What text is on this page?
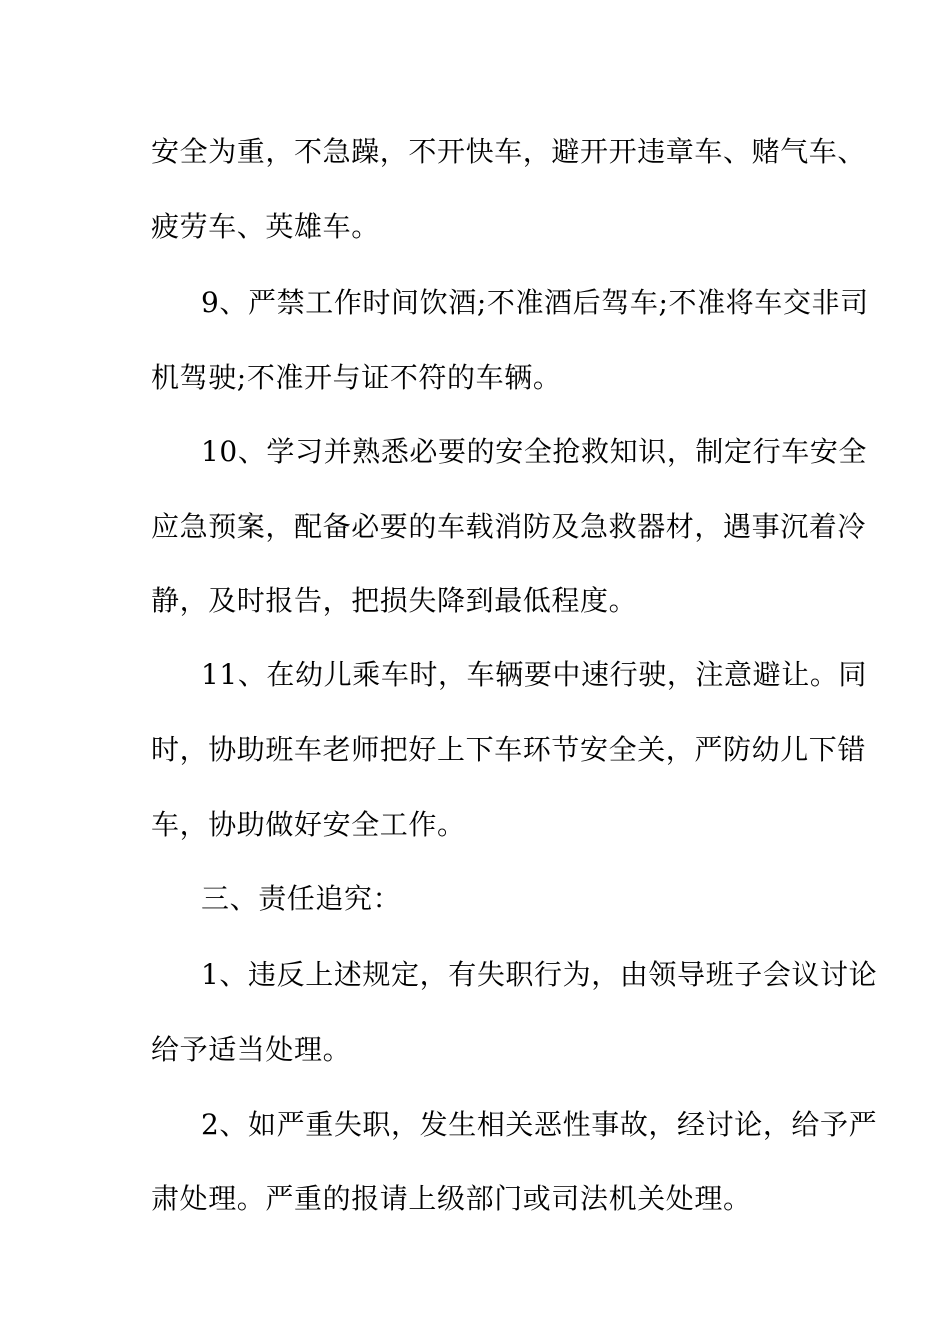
安全为重，不急躁，不开快车，避开开违章车、赌气车、
疲劳车、英雄车。
9、严禁工作时间饮酒;不准酒后驾车;不准将车交非司
机驾驶;不准开与证不符的车辆。
10、学习并熟悉必要的安全抢救知识，制定行车安全
应急预案，配备必要的车载消防及急救器材，遇事沉着冷
静，及时报告，把损失降到最低程度。
11、在幼儿乘车时，车辆要中速行驶，注意避让。同
时，协助班车老师把好上下车环节安全关，严防幼儿下错
车，协助做好安全工作。
三、责任追究：
1、违反上述规定，有失职行为，由领导班子会议讨论
给予适当处理。
2、如严重失职，发生相关恶性事故，经讨论，给予严
肃处理。严重的报请上级部门或司法机关处理。
